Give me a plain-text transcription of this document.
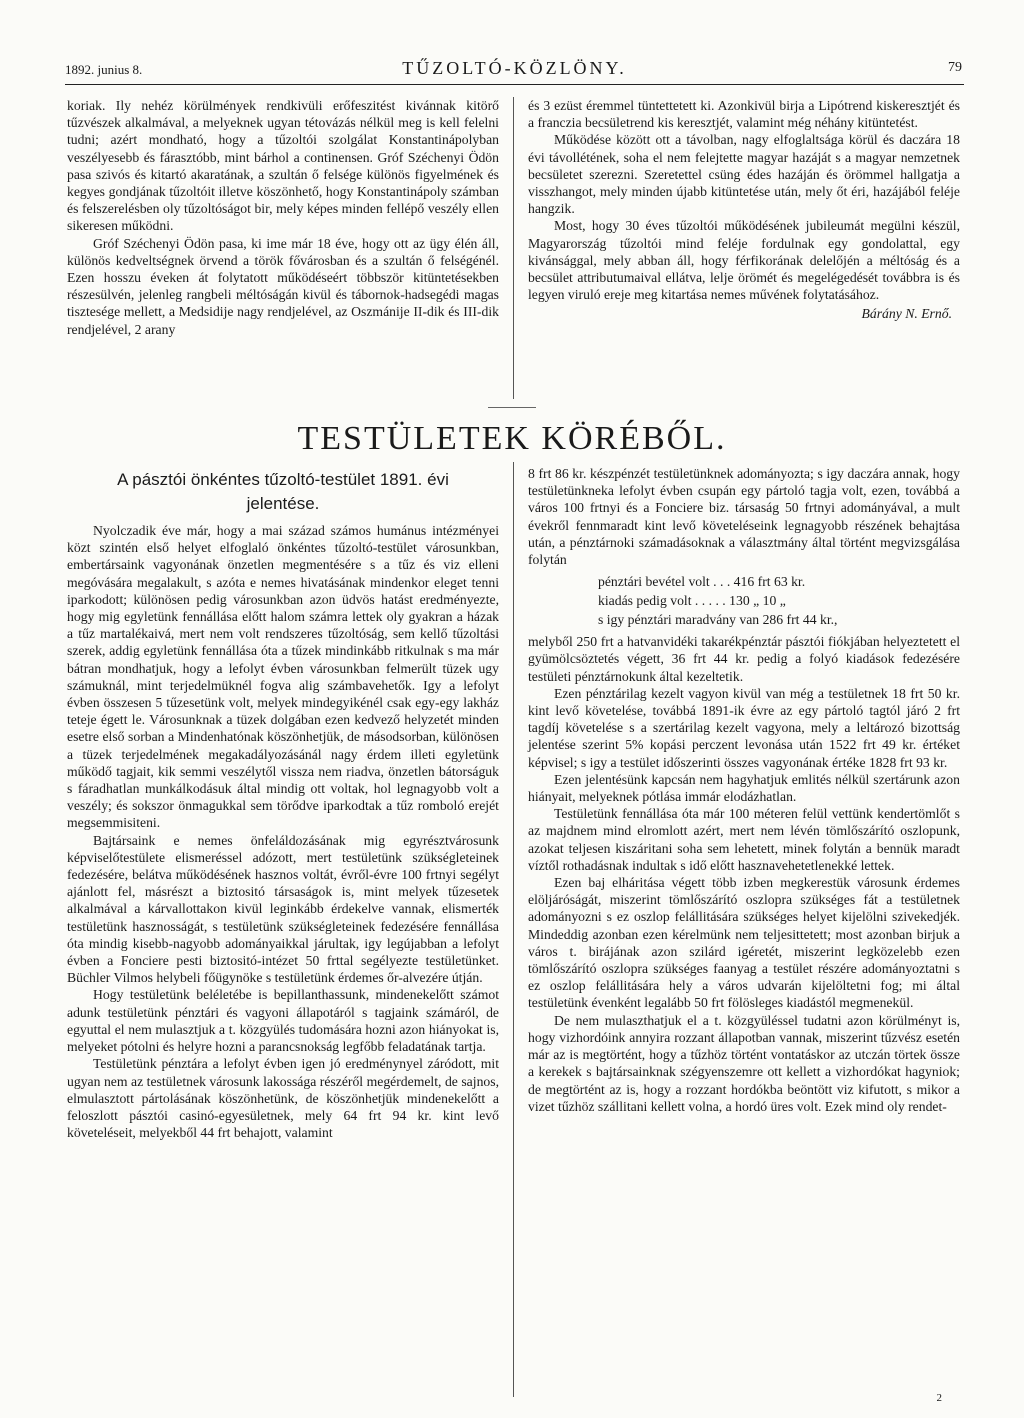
1892. junius 8.	TŰZOLTÓ-KÖZLÖNY.	79

koriak. Ily nehéz körülmények rendkivüli erőfeszitést kivánnak kitörő tűzvészek alkalmával, a melyeknek ugyan tétovázás nélkül meg is kell felelni tudni; azért mondható, hogy a tűzoltói szolgálat Konstantinápolyban veszélyesebb és fárasztóbb, mint bárhol a continensen. Gróf Széchenyi Ödön pasa szivós és kitartó akaratának, a szultán ő felsége különös figyelmének és kegyes gondjának tűzoltóit illetve köszönhető, hogy Konstantinápoly számban és felszerelésben oly tűzoltóságot bir, mely képes minden fellépő veszély ellen sikeresen működni.

Gróf Széchenyi Ödön pasa, ki ime már 18 éve, hogy ott az ügy élén áll, különös kedveltségnek örvend a török fővárosban és a szultán ő felségénél. Ezen hosszu éveken át folytatott működéseért többször kitüntetésekben részesülvén, jelenleg rangbeli méltóságán kivül és tábornok-hadsegédi magas tisztesége mellett, a Medsidije nagy rendjelével, az Oszmánije II-dik és III-dik rendjelével, 2 arany

és 3 ezüst éremmel tüntettetett ki. Azonkivül birja a Lipótrend kiskeresztjét és a franczia becsületrend kis keresztjét, valamint még néhány kitüntetést.

Működése között ott a távolban, nagy elfoglaltsága körül és daczára 18 évi távollétének, soha el nem felejtette magyar hazáját s a magyar nemzetnek becsületet szerezni. Szeretettel csüng édes hazáján és örömmel hallgatja a visszhangot, mely minden újabb kitüntetése után, mely őt éri, hazájából feléje hangzik.

Most, hogy 30 éves tűzoltói működésének jubileumát megülni készül, Magyarország tűzoltói mind feléje fordulnak egy gondolattal, egy kivánsággal, mely abban áll, hogy férfikorának delelőjén a méltóság és a becsület attributumaival ellátva, lelje örömét és megelégedését továbbra is és legyen viruló ereje meg kitartása nemes művének folytatásához.

Bárány N. Ernő.
TESTÜLETEK KÖRÉBŐL.
A pásztói önkéntes tűzoltó-testület 1891. évi
jelentése.

Nyolczadik éve már, hogy a mai század számos humánus intézményei közt szintén első helyet elfoglaló önkéntes tűzoltó-testület városunkban, embertársaink vagyonának önzetlen megmentésére s a tűz és viz elleni megóvására megalakult, s azóta e nemes hivatásának mindenkor eleget tenni iparkodott; különösen pedig városunkban azon üdvös hatást eredményezte, hogy mig egyletünk fennállása előtt halom számra lettek oly gyakran a házak a tűz martalékaivá, mert nem volt rendszeres tűzoltóság, sem kellő tűzoltási szerek, addig egyletünk fennállása óta a tűzek mindinkább ritkulnak s ma már bátran mondhatjuk, hogy a lefolyt évben városunkban felmerült tüzek ugy számuknál, mint terjedelmüknél fogva alig számbavehetők. Igy a lefolyt évben összesen 5 tűzesetünk volt, melyek mindegyikénél csak egy-egy lakház teteje égett le. Városunknak a tüzek dolgában ezen kedvező helyzetét minden esetre első sorban a Mindenhatónak köszönhetjük, de másodsorban, különösen a tüzek terjedelmének megakadályozásánál nagy érdem illeti egyletünk működő tagjait, kik semmi veszélytől vissza nem riadva, önzetlen bátorságuk s fáradhatlan munkálkodásuk által mindig ott voltak, hol legnagyobb volt a veszély; és sokszor önmagukkal sem törődve iparkodtak a tűz romboló erejét megsemmisiteni.

Bajtársaink e nemes önfeláldozásának mig egyrésztvárosunk képviselőtestülete elismeréssel adózott, mert testületünk szükségleteinek fedezésére, belátva működésének hasznos voltát, évről-évre 100 frtnyi segélyt ajánlott fel, másrészt a biztositó társaságok is, mint melyek tűzesetek alkalmával a kárvallottakon kivül leginkább érdekelve vannak, elismerték testületünk hasznosságát, s testületünk szükségleteinek fedezésére fennállása óta mindig kisebb-nagyobb adományaikkal járultak, igy legújabban a lefolyt évben a Fonciere pesti biztositó-intézet 50 frttal segélyezte testületünket. Büchler Vilmos helybeli főügynöke s testületünk érdemes őr-alvezére útján.

Hogy testületünk beléletébe is bepillanthassunk, mindenekelőtt számot adunk testületünk pénztári és vagyoni állapotáról s tagjaink számáról, de egyuttal el nem mulasztjuk a t. közgyülés tudomására hozni azon hiányokat is, melyeket pótolni és helyre hozni a parancsnokság legfőbb feladatának tartja.

Testületünk pénztára a lefolyt évben igen jó eredménynyel záródott, mit ugyan nem az testületnek városunk lakossága részéről megérdemelt, de sajnos, elmulasztott pártolásának köszönhetünk, de köszönhetjük mindenekelőtt a feloszlott pásztói casinó-egyesületnek, mely 64 frt 94 kr. kint levő követeléseit, melyekből 44 frt behajott, valamint

8 frt 86 kr. készpénzét testületünknek adományozta; s igy daczára annak, hogy testületünkneka lefolyt évben csupán egy pártoló tagja volt, ezen, továbbá a város 100 frtnyi és a Fonciere biz. társaság 50 frtnyi adományával, a mult évekről fennmaradt kint levő követeléseink legnagyobb részének behajtása után, a pénztárnoki számadásoknak a választmány által történt megvizsgálása folytán

pénztári bevétel volt . . . 416 frt 63 kr.
kiadás pedig volt . . . . . 130 „ 10 „
s igy pénztári maradvány van 286 frt 44 kr.,

melyből 250 frt a hatvanvidéki takarékpénztár pásztói fiókjában helyeztetett el gyümölcsöztetés végett, 36 frt 44 kr. pedig a folyó kiadások fedezésére testületi pénztárnokunk által kezeltetik.

Ezen pénztárilag kezelt vagyon kivül van még a testületnek 18 frt 50 kr. kint levő követelése, továbbá 1891-ik évre az egy pártoló tagtól járó 2 frt tagdíj követelése s a szertárilag kezelt vagyona, mely a leltározó bizottság jelentése szerint 5% kopási perczent levonása után 1522 frt 49 kr. értéket képvisel; s igy a testület időszerinti összes vagyonának értéke 1828 frt 93 kr.

Ezen jelentésünk kapcsán nem hagyhatjuk emlités nélkül szertárunk azon hiányait, melyeknek pótlása immár elodázhatlan.

Testületünk fennállása óta már 100 méteren felül vettünk kendertömlőt s az majdnem mind elromlott azért, mert nem lévén tömlőszárító oszlopunk, azokat teljesen kiszáritani soha sem lehetett, minek folytán a bennük maradt víztől rothadásnak indultak s idő előtt hasznavehetetlenekké lettek.

Ezen baj elháritása végett több izben megkerestük városunk érdemes elöljáróságát, miszerint tömlőszárító oszlopra szükséges fát a testületnek adományozni s ez oszlop felállitására szükséges helyet kijelölni szivekedjék. Mindeddig azonban ezen kérelmünk nem teljesittetett; most azonban birjuk a város t. birájának azon szilárd igéretét, miszerint legközelebb ezen tömlőszárító oszlopra szükséges faanyag a testület részére adományoztatni s ez oszlop felállitására hely a város udvarán kijelöltetni fog; mi által testületünk évenként legalább 50 frt fölösleges kiadástól megmenekül.

De nem mulaszthatjuk el a t. közgyüléssel tudatni azon körülményt is, hogy vizhordóink annyira rozzant állapotban vannak, miszerint tűzvész esetén már az is megtörtént, hogy a tűzhöz történt vontatáskor az utczán törtek össze a kerekek s bajtársainknak szégyenszemre ott kellett a vizhordókat hagyniok; de megtörtént az is, hogy a rozzant hordókba beöntött viz kifutott, s mikor a vizet tűzhöz szállitani kellett volna, a hordó üres volt. Ezek mind oly rendet-

2
